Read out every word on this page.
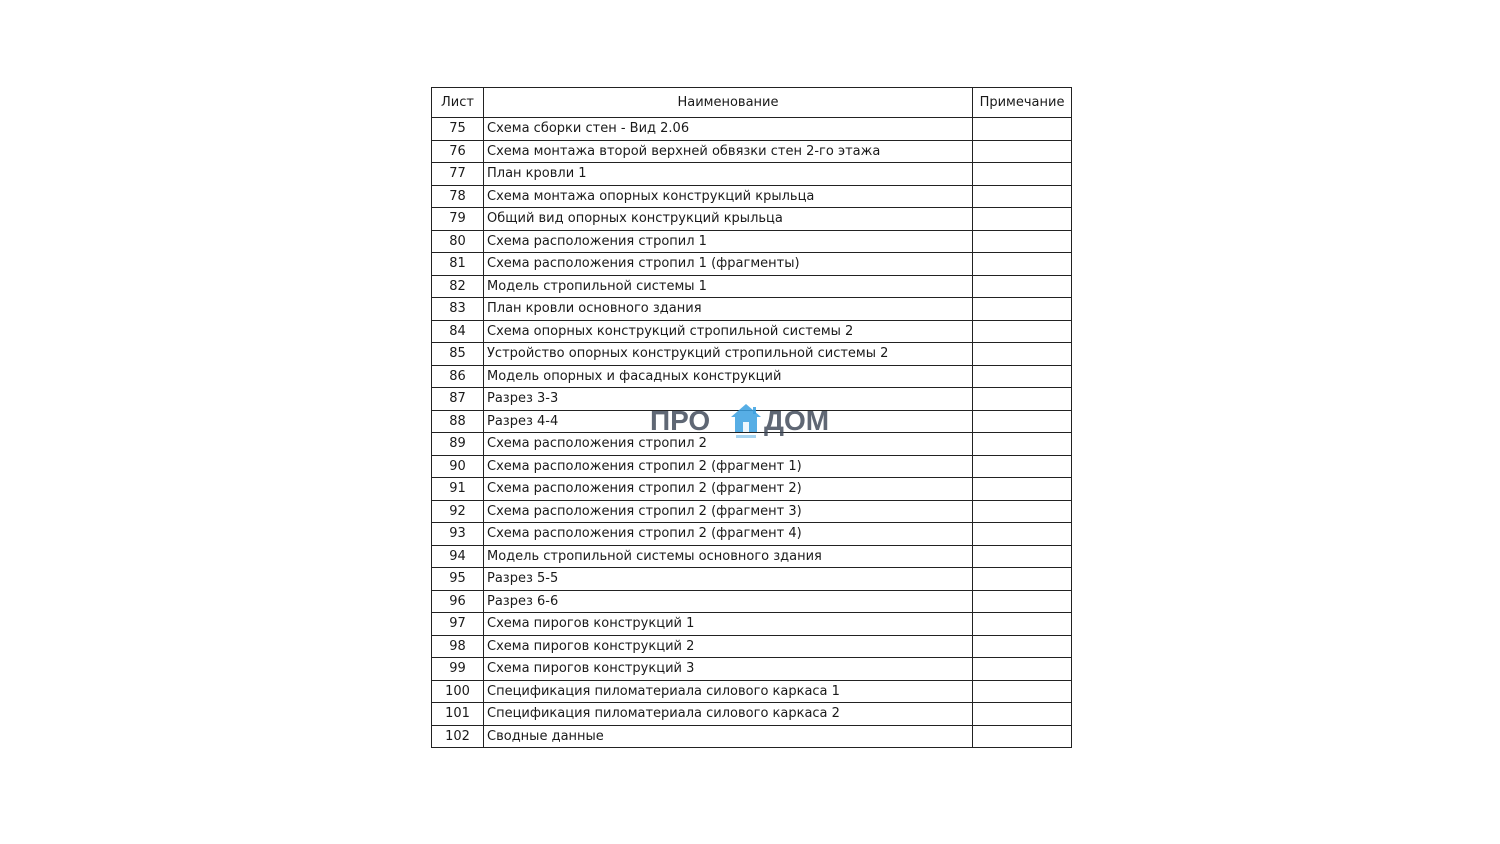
Лист	Наименование	Примечание
75	Схема сборки стен - Вид 2.06	
76	Схема монтажа второй верхней обвязки стен 2-го этажа	
77	План кровли 1	
78	Схема монтажа опорных конструкций крыльца	
79	Общий вид опорных конструкций крыльца	
80	Схема расположения стропил 1	
81	Схема расположения стропил 1 (фрагменты)	
82	Модель стропильной системы 1	
83	План кровли основного здания	
84	Схема опорных конструкций стропильной системы 2	
85	Устройство опорных конструкций стропильной системы 2	
86	Модель опорных и фасадных конструкций	
87	Разрез 3-3	
88	Разрез 4-4	
89	Схема расположения стропил 2	
90	Схема расположения стропил 2 (фрагмент 1)	
91	Схема расположения стропил 2 (фрагмент 2)	
92	Схема расположения стропил 2 (фрагмент 3)	
93	Схема расположения стропил 2 (фрагмент 4)	
94	Модель стропильной системы основного здания	
95	Разрез 5-5	
96	Разрез 6-6	
97	Схема пирогов конструкций 1	
98	Схема пирогов конструкций 2	
99	Схема пирогов конструкций 3	
100	Спецификация пиломатериала силового каркаса 1	
101	Спецификация пиломатериала силового каркаса 2	
102	Сводные данные	
ПРО ДОМ
